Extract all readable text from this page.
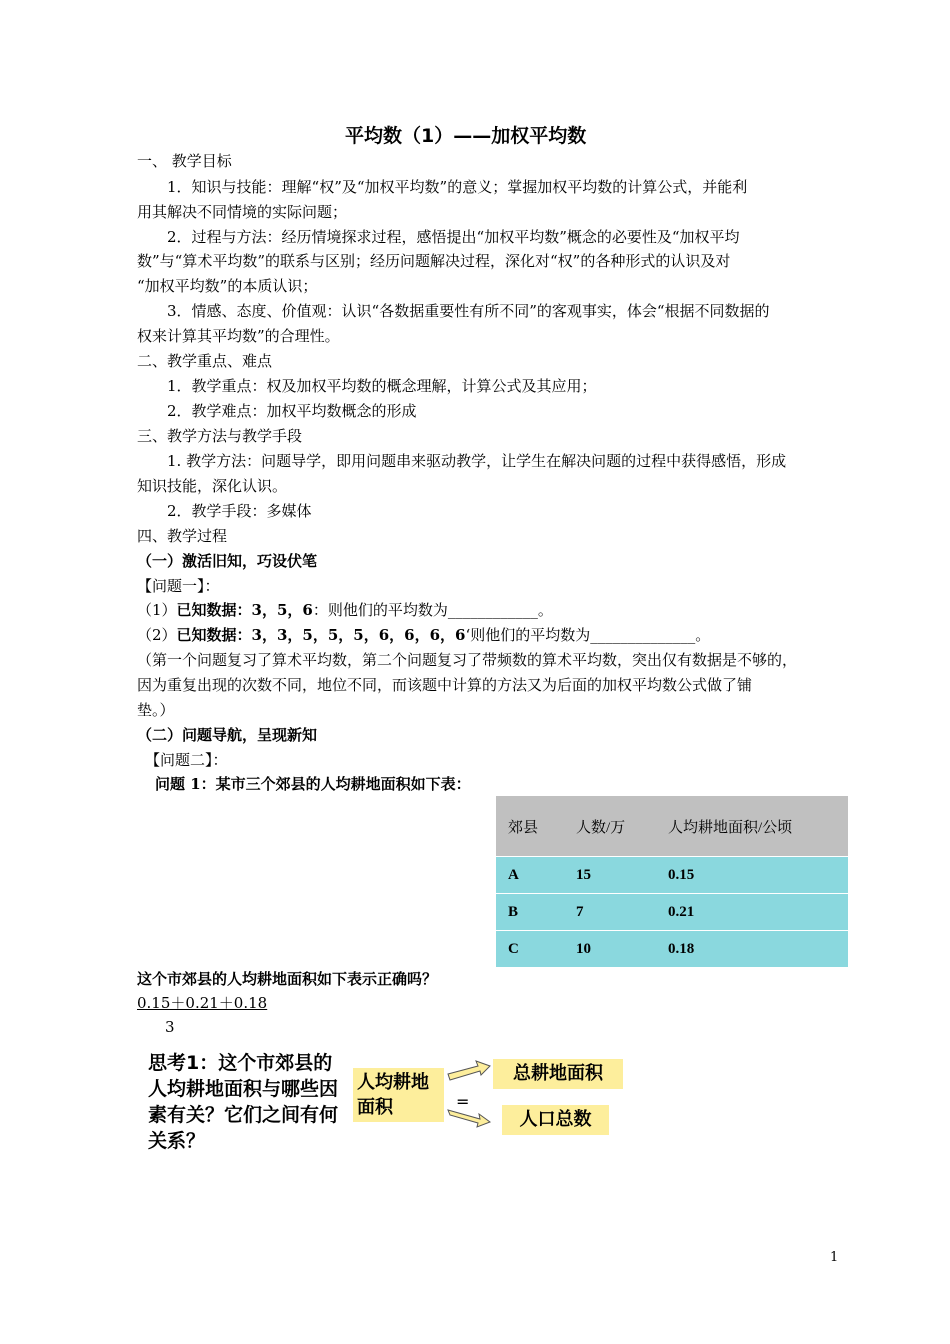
平均数（1）——加权平均数
一、 教学目标
1．知识与技能：理解“权”及“加权平均数”的意义；掌握加权平均数的计算公式，并能利
用其解决不同情境的实际问题；
2．过程与方法：经历情境探求过程，感悟提出“加权平均数”概念的必要性及“加权平均
数”与“算术平均数”的联系与区别；经历问题解决过程，深化对“权”的各种形式的认识及对
“加权平均数”的本质认识；
3．情感、态度、价值观：认识“各数据重要性有所不同”的客观事实，体会“根据不同数据的
权来计算其平均数”的合理性。
二、教学重点、难点
1．教学重点：权及加权平均数的概念理解，计算公式及其应用；
2．教学难点：加权平均数概念的形成
三、教学方法与教学手段
1. 教学方法：问题导学，即用问题串来驱动教学，让学生在解决问题的过程中获得感悟，形成
知识技能，深化认识。
2．教学手段：多媒体
四、教学过程
（一）激活旧知，巧设伏笔
【问题一】：
（1）已知数据：3，5，6：则他们的平均数为____________。
（2）已知数据：3，3，5，5，5，6，6，6，6‘则他们的平均数为______________。
（第一个问题复习了算术平均数，第二个问题复习了带频数的算术平均数，突出仅有数据是不够的，
因为重复出现的次数不同，地位不同，而该题中计算的方法又为后面的加权平均数公式做了铺
垫。）
（二）问题导航，呈现新知
【问题二】：
问题 1：某市三个郊县的人均耕地面积如下表：
郊县	人数/万	人均耕地面积/公顷
A	15	0.15
B	7	0.21
C	10	0.18
这个市郊县的人均耕地面积如下表示正确吗？
0.15＋0.21＋0.18
3
思考1：这个市郊县的人均耕地面积与哪些因素有关？它们之间有何关系？
人均耕地面积	=
总耕地面积
人口总数
1
